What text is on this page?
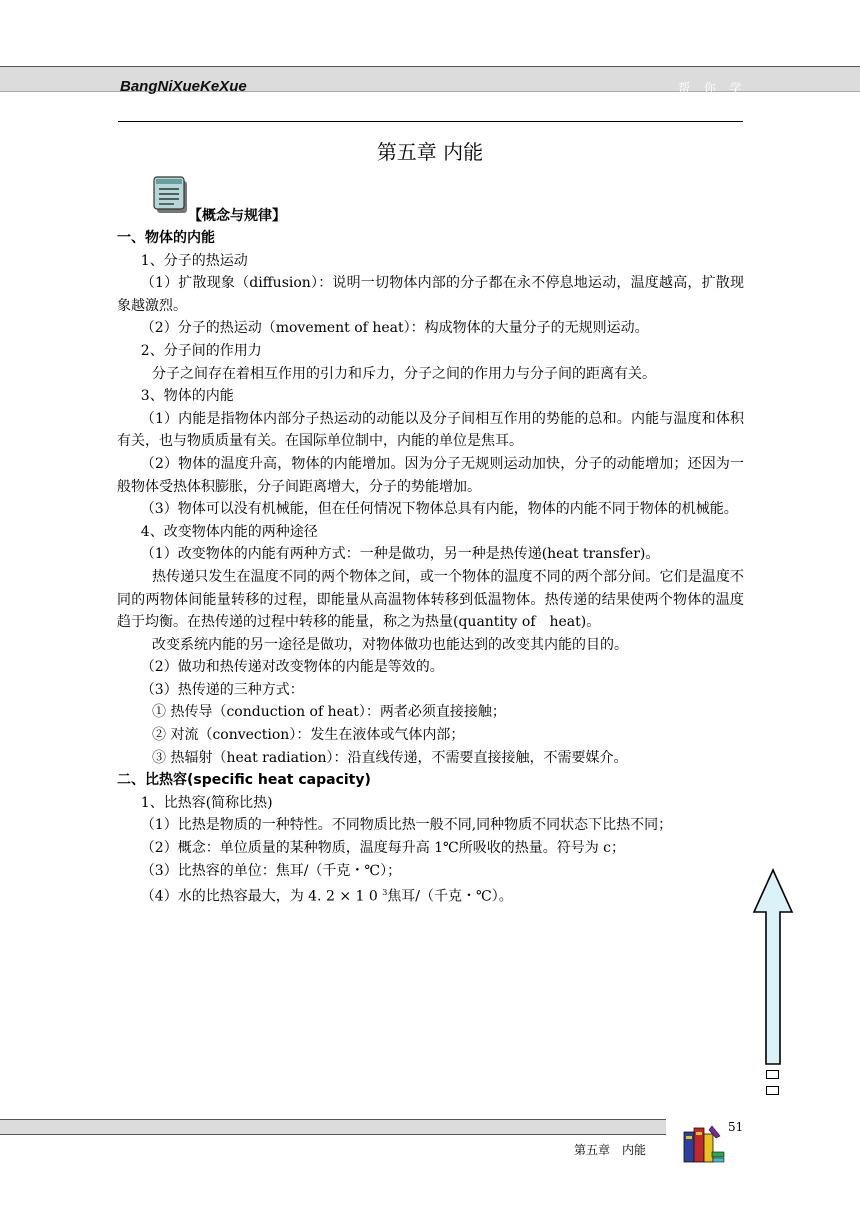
BangNiXueKeXue	帮 你 学
第五章 内能
【概念与规律】

一、物体的内能

1、分子的热运动

（1）扩散现象（diffusion）：说明一切物体内部的分子都在永不停息地运动，温度越高，扩散现象越激烈。

（2）分子的热运动（movement of heat）：构成物体的大量分子的无规则运动。

2、分子间的作用力

分子之间存在着相互作用的引力和斥力，分子之间的作用力与分子间的距离有关。

3、物体的内能

（1）内能是指物体内部分子热运动的动能以及分子间相互作用的势能的总和。内能与温度和体积有关，也与物质质量有关。在国际单位制中，内能的单位是焦耳。

（2）物体的温度升高，物体的内能增加。因为分子无规则运动加快，分子的动能增加；还因为一般物体受热体积膨胀，分子间距离增大，分子的势能增加。

（3）物体可以没有机械能，但在任何情况下物体总具有内能，物体的内能不同于物体的机械能。

4、改变物体内能的两种途径

（1）改变物体的内能有两种方式：一种是做功，另一种是热传递(heat transfer)。

热传递只发生在温度不同的两个物体之间，或一个物体的温度不同的两个部分间。它们是温度不同的两物体间能量转移的过程，即能量从高温物体转移到低温物体。热传递的结果使两个物体的温度趋于均衡。在热传递的过程中转移的能量，称之为热量(quantity of　heat)。

改变系统内能的另一途径是做功，对物体做功也能达到的改变其内能的目的。

（2）做功和热传递对改变物体的内能是等效的。

（3）热传递的三种方式：

① 热传导（conduction of heat）：两者必须直接接触；

② 对流（convection）：发生在液体或气体内部；

③ 热辐射（heat radiation）：沿直线传递，不需要直接接触，不需要媒介。

二、比热容(specific heat capacity)

1、比热容(简称比热)

（1）比热是物质的一种特性。不同物质比热一般不同,同种物质不同状态下比热不同；

（2）概念：单位质量的某种物质，温度每升高 1℃所吸收的热量。符号为 c；

（3）比热容的单位：焦耳/（千克・℃）；

（4）水的比热容最大，为 4. 2 × 1 0 $^3$焦耳/（千克・℃）。

51
第五章　内能
